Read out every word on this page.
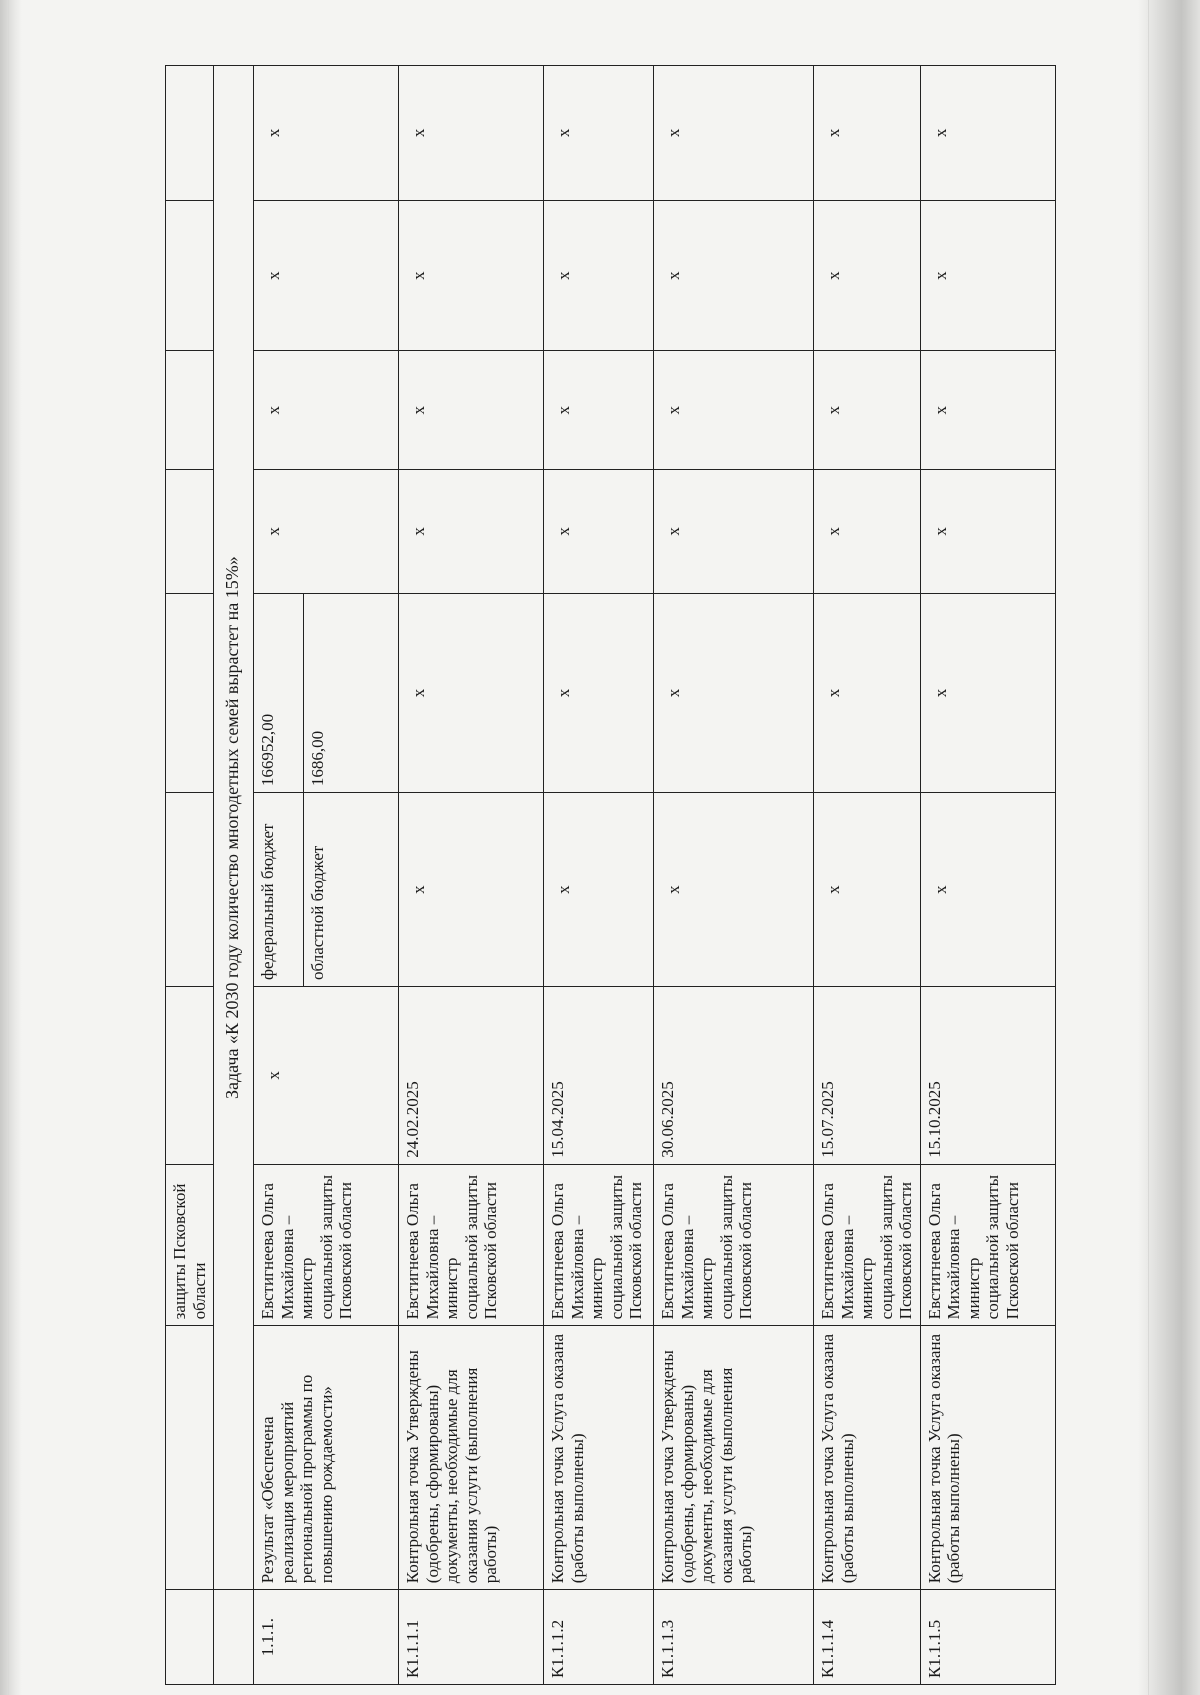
		защиты Псковской области							
	Задача «К 2030 году количество многодетных семей вырастет на 15%»								
1.1.1.	Результат «Обеспечена реализация мероприятий региональной программы по повышению рождаемости»	Евстигнеева Ольга Михайловна – министр социальной защиты Псковской области	x	федеральный бюджет	166952,00	x	x	x	x
				областной бюджет	1686,00				
К1.1.1.1	Контрольная точка Утверждены (одобрены, сформированы) документы, необходимые для оказания услуги (выполнения работы)	Евстигнеева Ольга Михайловна – министр социальной защиты Псковской области	24.02.2025	x	x	x	x	x	x
К1.1.1.2	Контрольная точка Услуга оказана (работы выполнены)	Евстигнеева Ольга Михайловна – министр социальной защиты Псковской области	15.04.2025	x	x	x	x	x	x
К1.1.1.3	Контрольная точка Утверждены (одобрены, сформированы) документы, необходимые для оказания услуги (выполнения работы)	Евстигнеева Ольга Михайловна – министр социальной защиты Псковской области	30.06.2025	x	x	x	x	x	x
К1.1.1.4	Контрольная точка Услуга оказана (работы выполнены)	Евстигнеева Ольга Михайловна – министр социальной защиты Псковской области	15.07.2025	x	x	x	x	x	x
К1.1.1.5	Контрольная точка Услуга оказана (работы выполнены)	Евстигнеева Ольга Михайловна – министр социальной защиты Псковской области	15.10.2025	x	x	x	x	x	x
